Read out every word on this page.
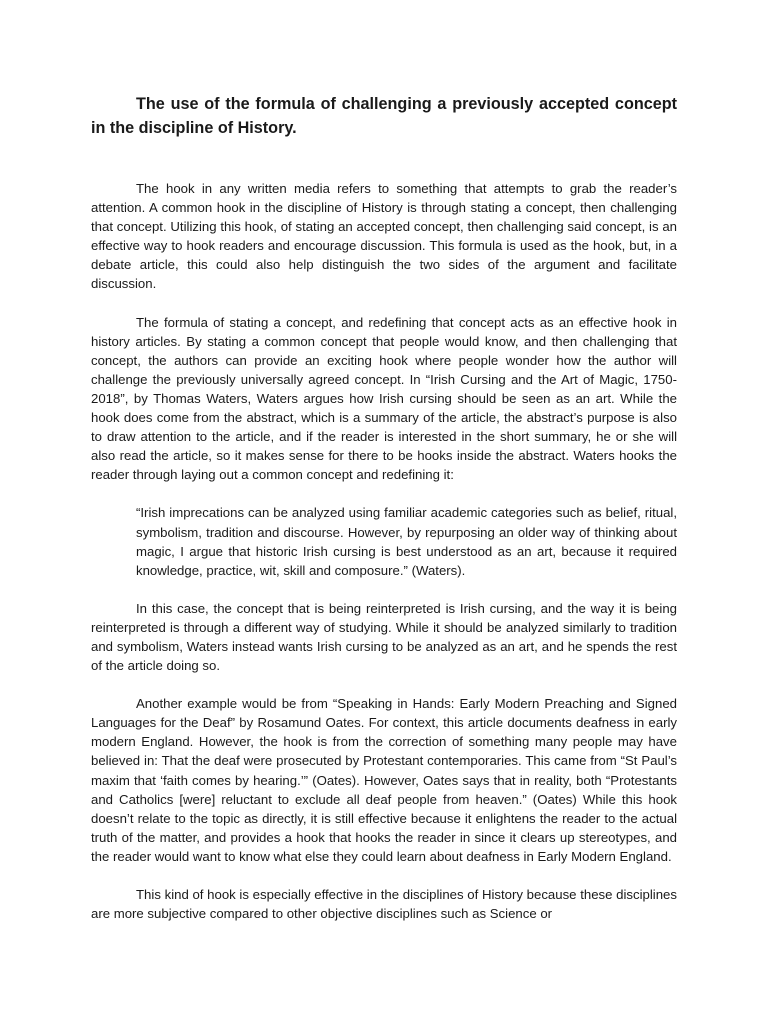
The use of the formula of challenging a previously accepted concept in the discipline of History.

The hook in any written media refers to something that attempts to grab the reader’s attention. A common hook in the discipline of History is through stating a concept, then challenging that concept. Utilizing this hook, of stating an accepted concept, then challenging said concept, is an effective way to hook readers and encourage discussion. This formula is used as the hook, but, in a debate article, this could also help distinguish the two sides of the argument and facilitate discussion.

The formula of stating a concept, and redefining that concept acts as an effective hook in history articles. By stating a common concept that people would know, and then challenging that concept, the authors can provide an exciting hook where people wonder how the author will challenge the previously universally agreed concept. In “Irish Cursing and the Art of Magic, 1750-2018”, by Thomas Waters, Waters argues how Irish cursing should be seen as an art. While the hook does come from the abstract, which is a summary of the article, the abstract’s purpose is also to draw attention to the article, and if the reader is interested in the short summary, he or she will also read the article, so it makes sense for there to be hooks inside the abstract. Waters hooks the reader through laying out a common concept and redefining it:

“Irish imprecations can be analyzed using familiar academic categories such as belief, ritual, symbolism, tradition and discourse. However, by repurposing an older way of thinking about magic, I argue that historic Irish cursing is best understood as an art, because it required knowledge, practice, wit, skill and composure.” (Waters).

In this case, the concept that is being reinterpreted is Irish cursing, and the way it is being reinterpreted is through a different way of studying. While it should be analyzed similarly to tradition and symbolism, Waters instead wants Irish cursing to be analyzed as an art, and he spends the rest of the article doing so.

Another example would be from “Speaking in Hands: Early Modern Preaching and Signed Languages for the Deaf” by Rosamund Oates. For context, this article documents deafness in early modern England. However, the hook is from the correction of something many people may have believed in: That the deaf were prosecuted by Protestant contemporaries. This came from “St Paul’s maxim that ‘faith comes by hearing.’” (Oates). However, Oates says that in reality, both “Protestants and Catholics [were] reluctant to exclude all deaf people from heaven.” (Oates) While this hook doesn’t relate to the topic as directly, it is still effective because it enlightens the reader to the actual truth of the matter, and provides a hook that hooks the reader in since it clears up stereotypes, and the reader would want to know what else they could learn about deafness in Early Modern England.

This kind of hook is especially effective in the disciplines of History because these disciplines are more subjective compared to other objective disciplines such as Science or
